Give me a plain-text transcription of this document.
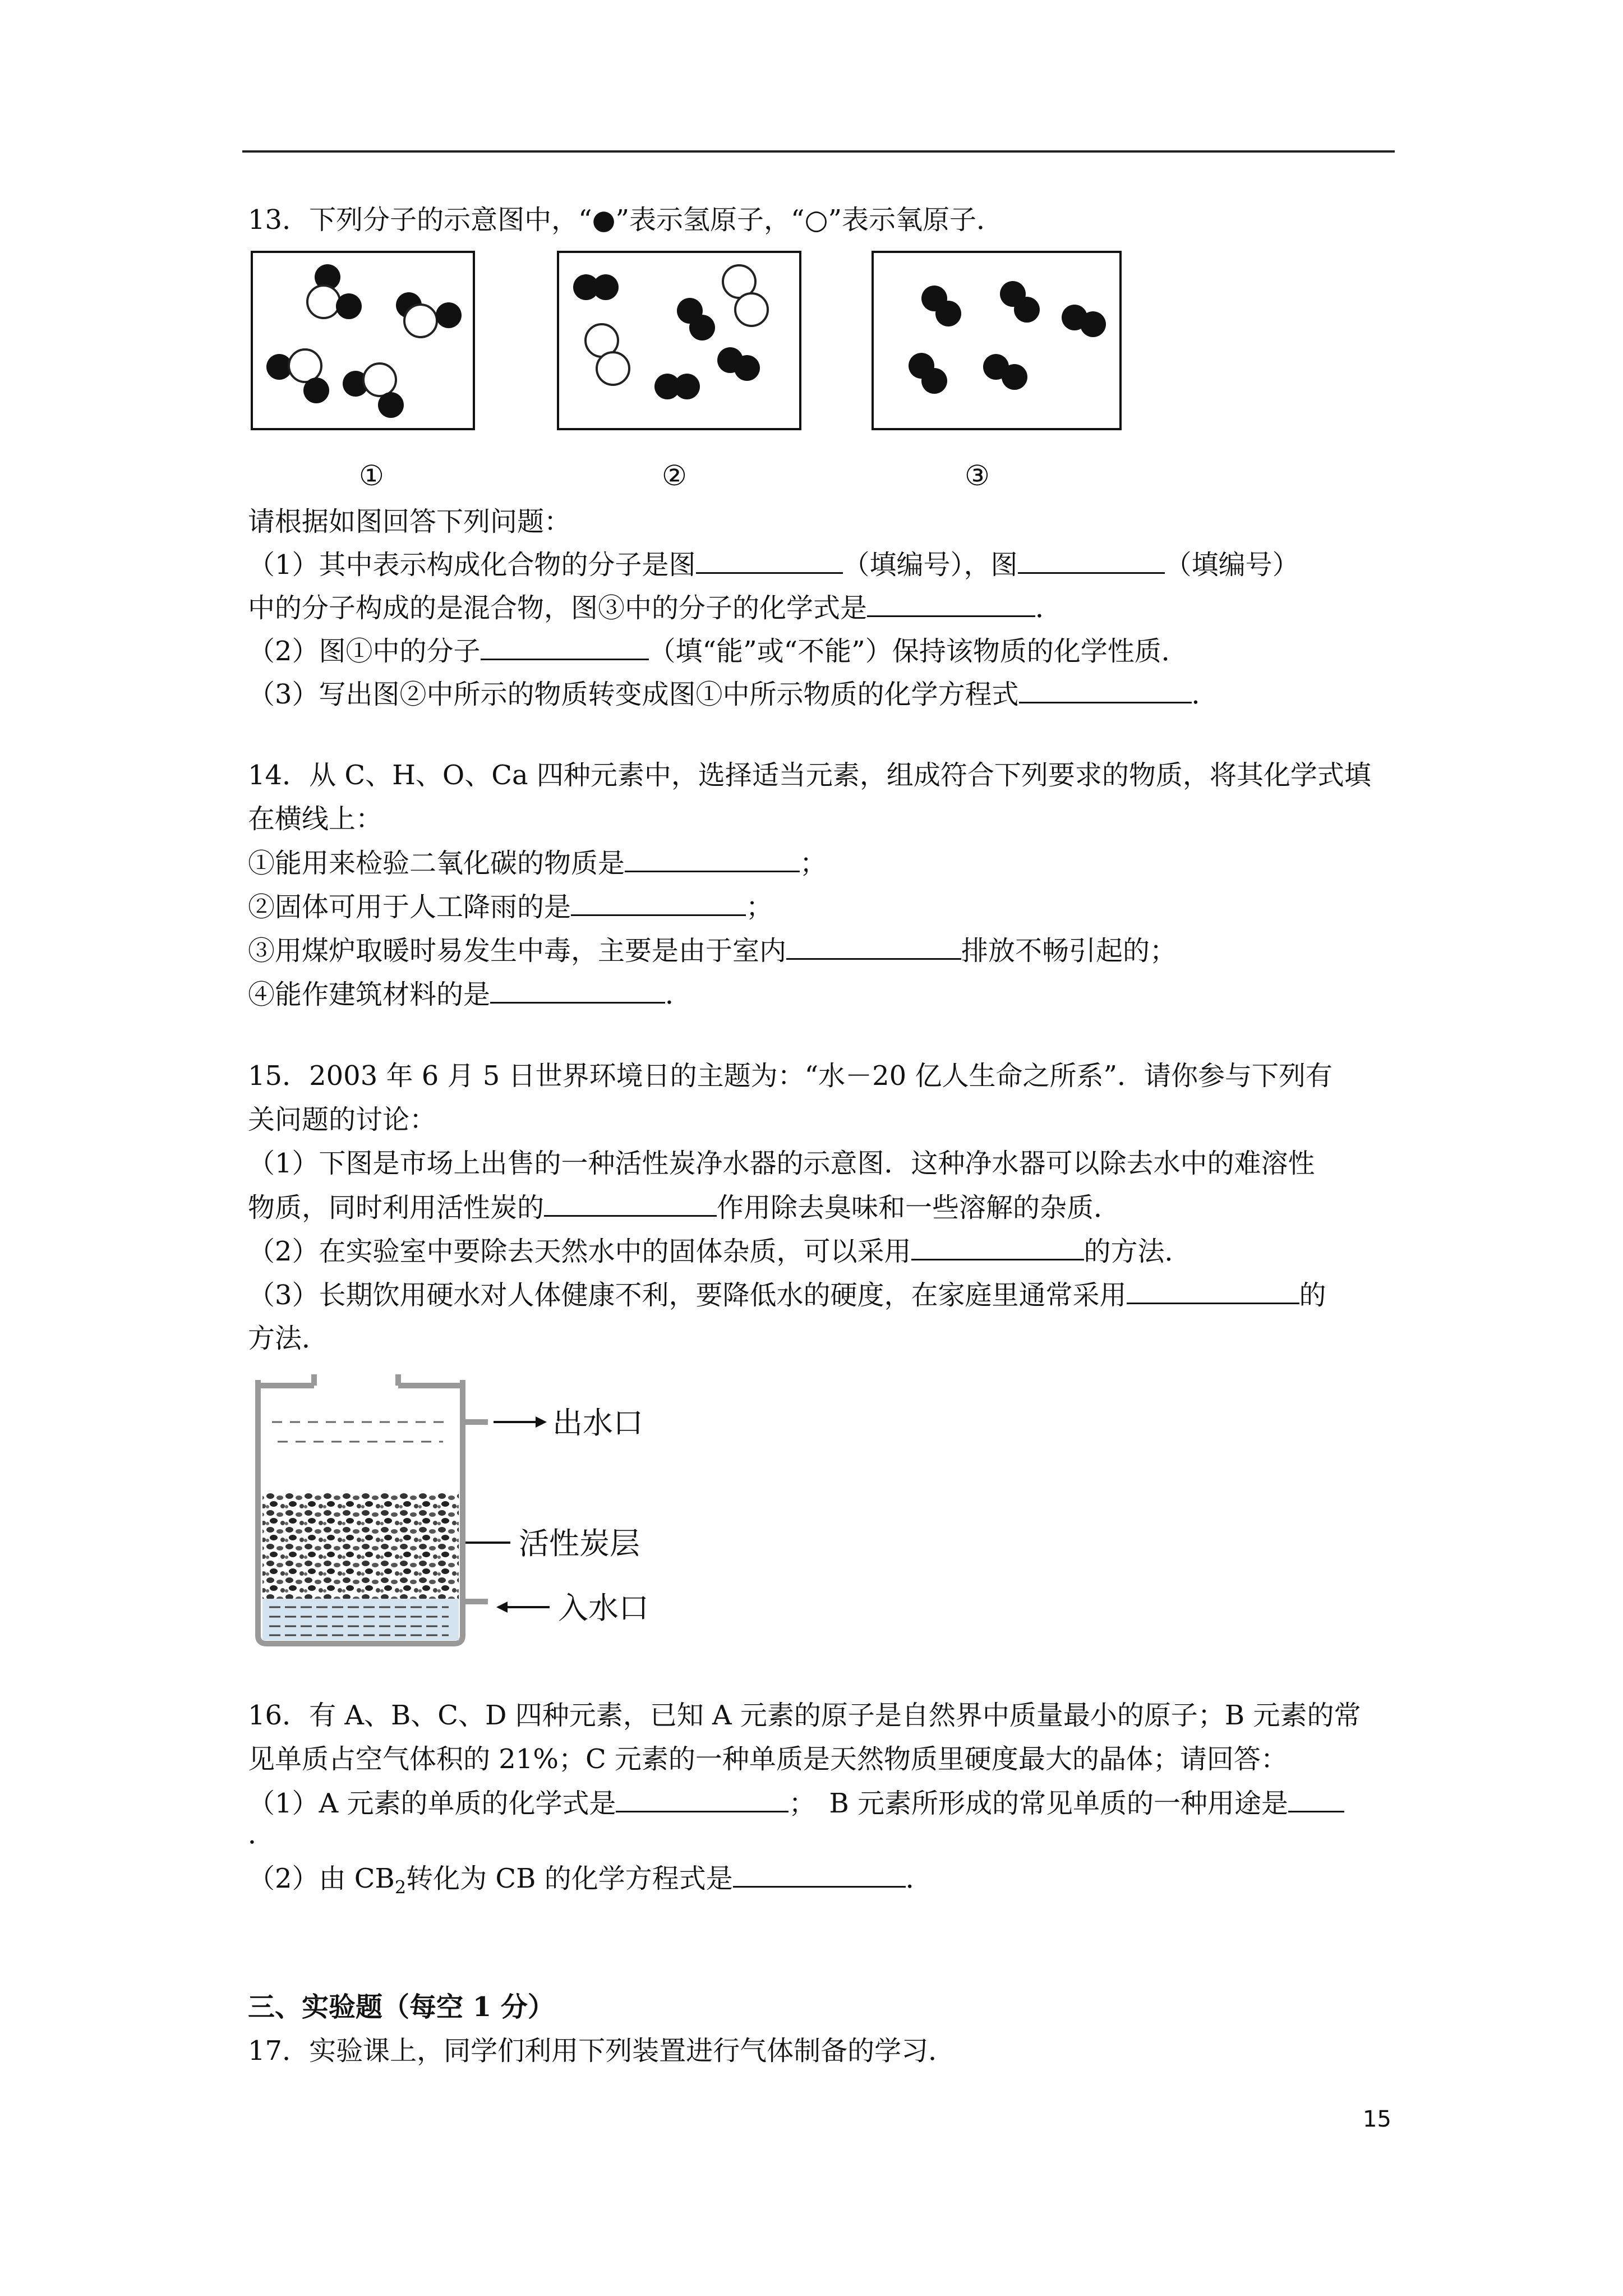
13．下列分子的示意图中，“●”表示氢原子，“○”表示氧原子．
①	②	③
请根据如图回答下列问题：
（1）其中表示构成化合物的分子是图	（填编号），图	（填编号）
中的分子构成的是混合物，图③中的分子的化学式是	．
（2）图①中的分子	（填“能”或“不能”）保持该物质的化学性质．
（3）写出图②中所示的物质转变成图①中所示物质的化学方程式	．
14．从 C、H、O、Ca 四种元素中，选择适当元素，组成符合下列要求的物质，将其化学式填
在横线上：
①能用来检验二氧化碳的物质是	；
②固体可用于人工降雨的是	；
③用煤炉取暖时易发生中毒，主要是由于室内	排放不畅引起的；
④能作建筑材料的是	．
15．2003 年 6 月 5 日世界环境日的主题为：“水－20 亿人生命之所系”．请你参与下列有
关问题的讨论：
（1）下图是市场上出售的一种活性炭净水器的示意图．这种净水器可以除去水中的难溶性
物质，同时利用活性炭的	作用除去臭味和一些溶解的杂质．
（2）在实验室中要除去天然水中的固体杂质，可以采用	的方法．
（3）长期饮用硬水对人体健康不利，要降低水的硬度，在家庭里通常采用	的
方法．
出水口
活性炭层
入水口
16．有 A、B、C、D 四种元素，已知 A 元素的原子是自然界中质量最小的原子；B 元素的常
见单质占空气体积的 21%；C 元素的一种单质是天然物质里硬度最大的晶体；请回答：
（1）A 元素的单质的化学式是	；　B 元素所形成的常见单质的一种用途是
．
（2）由 $CB_2$转化为 CB 的化学方程式是	．
三、实验题（每空 1 分）
17．实验课上，同学们利用下列装置进行气体制备的学习．
15
